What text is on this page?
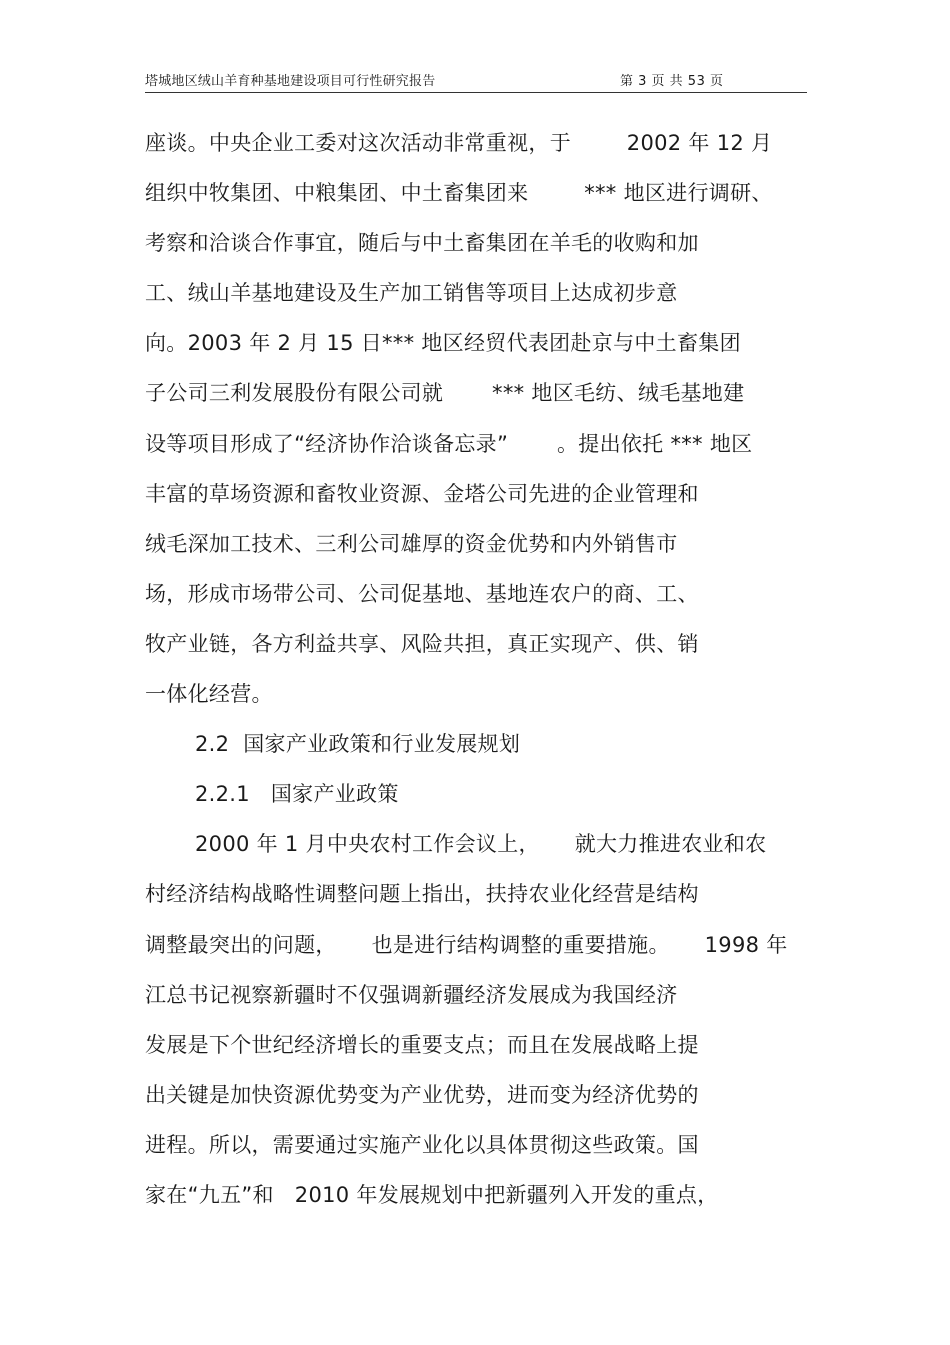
塔城地区绒山羊育种基地建设项目可行性研究报告	第 3 页 共 53 页
座谈。中央企业工委对这次活动非常重视，于        2002 年 12 月
组织中牧集团、中粮集团、中土畜集团来        *** 地区进行调研、
考察和洽谈合作事宜，随后与中土畜集团在羊毛的收购和加
工、绒山羊基地建设及生产加工销售等项目上达成初步意
向。2003 年 2 月 15 日*** 地区经贸代表团赴京与中土畜集团
子公司三利发展股份有限公司就       *** 地区毛纺、绒毛基地建
设等项目形成了“经济协作洽谈备忘录”       。提出依托 *** 地区
丰富的草场资源和畜牧业资源、金塔公司先进的企业管理和
绒毛深加工技术、三利公司雄厚的资金优势和内外销售市
场，形成市场带公司、公司促基地、基地连农户的商、工、
牧产业链，各方利益共享、风险共担，真正实现产、供、销
一体化经营。
2.2  国家产业政策和行业发展规划
2.2.1   国家产业政策
2000 年 1 月中央农村工作会议上，     就大力推进农业和农
村经济结构战略性调整问题上指出，扶持农业化经营是结构
调整最突出的问题，     也是进行结构调整的重要措施。     1998 年
江总书记视察新疆时不仅强调新疆经济发展成为我国经济
发展是下个世纪经济增长的重要支点；而且在发展战略上提
出关键是加快资源优势变为产业优势，进而变为经济优势的
进程。所以，需要通过实施产业化以具体贯彻这些政策。国
家在“九五”和   2010 年发展规划中把新疆列入开发的重点，
